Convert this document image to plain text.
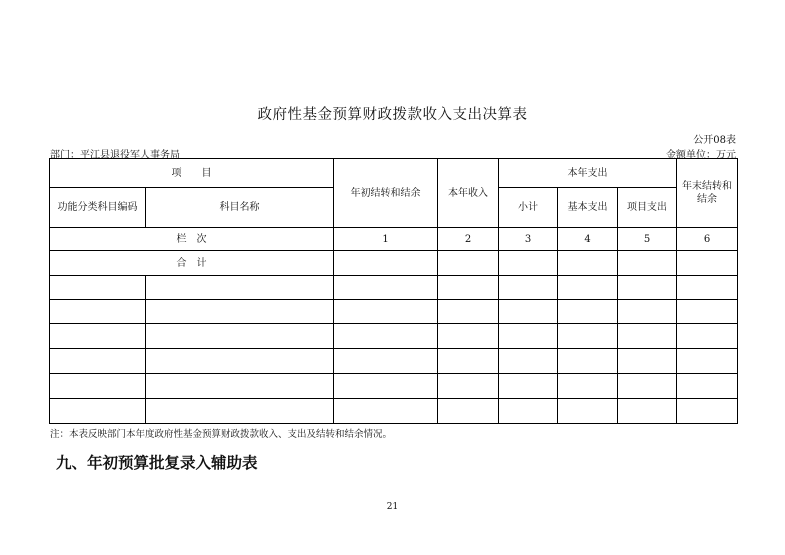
政府性基金预算财政拨款收入支出决算表
公开08表
部门：平江县退役军人事务局	金额单位：万元
项　　目		年初结转和结余	本年收入	本年支出			年末结转和
结余
功能分类科目编码	科目名称			小计	基本支出	项目支出	
栏　次		1	2	3	4	5	6
合　计							

注：本表反映部门本年度政府性基金预算财政拨款收入、支出及结转和结余情况。
九、年初预算批复录入辅助表
21
